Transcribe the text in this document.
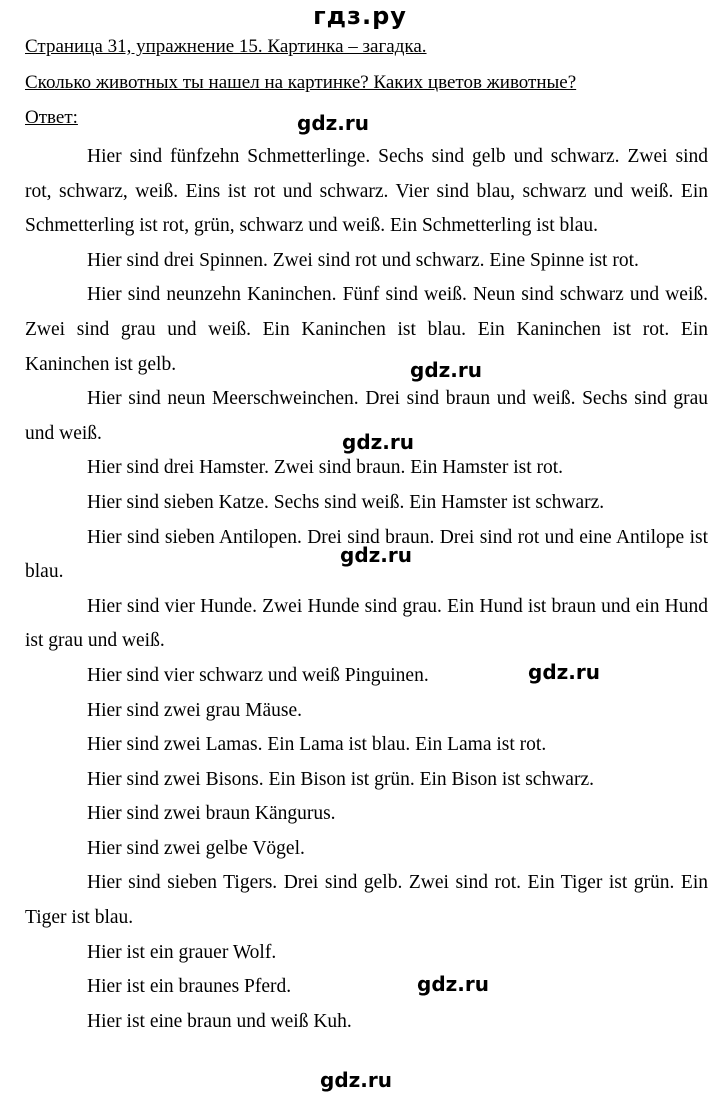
гдз.ру
Страница 31, упражнение 15. Картинка – загадка.
Сколько животных ты нашел на картинке? Каких цветов животные?
Ответ:

Hier sind fünfzehn Schmetterlinge. Sechs sind gelb und schwarz. Zwei sind rot, schwarz, weiß. Eins ist rot und schwarz. Vier sind blau, schwarz und weiß. Ein Schmetterling ist rot, grün, schwarz und weiß. Ein Schmetterling ist blau.

Hier sind drei Spinnen. Zwei sind rot und schwarz. Eine Spinne ist rot.

Hier sind neunzehn Kaninchen. Fünf sind weiß. Neun sind schwarz und weiß. Zwei sind grau und weiß. Ein Kaninchen ist blau. Ein Kaninchen ist rot. Ein Kaninchen ist gelb.

Hier sind neun Meerschweinchen. Drei sind braun und weiß. Sechs sind grau und weiß.

Hier sind drei Hamster. Zwei sind braun. Ein Hamster ist rot.

Hier sind sieben Katze. Sechs sind weiß. Ein Hamster ist schwarz.

Hier sind sieben Antilopen. Drei sind braun. Drei sind rot und eine Antilope ist blau.

Hier sind vier Hunde. Zwei Hunde sind grau. Ein Hund ist braun und ein Hund ist grau und weiß.

Hier sind vier schwarz und weiß Pinguinen.

Hier sind zwei grau Mäuse.

Hier sind zwei Lamas. Ein Lama ist blau. Ein Lama ist rot.

Hier sind zwei Bisons. Ein Bison ist grün. Ein Bison ist schwarz.

Hier sind zwei braun Kängurus.

Hier sind zwei gelbe Vögel.

Hier sind sieben Tigers. Drei sind gelb. Zwei sind rot. Ein Tiger ist grün. Ein Tiger ist blau.

Hier ist ein grauer Wolf.

Hier ist ein braunes Pferd.

Hier ist eine braun und weiß Kuh.

gdz.ru
gdz.ru
gdz.ru
gdz.ru
gdz.ru
gdz.ru
gdz.ru
